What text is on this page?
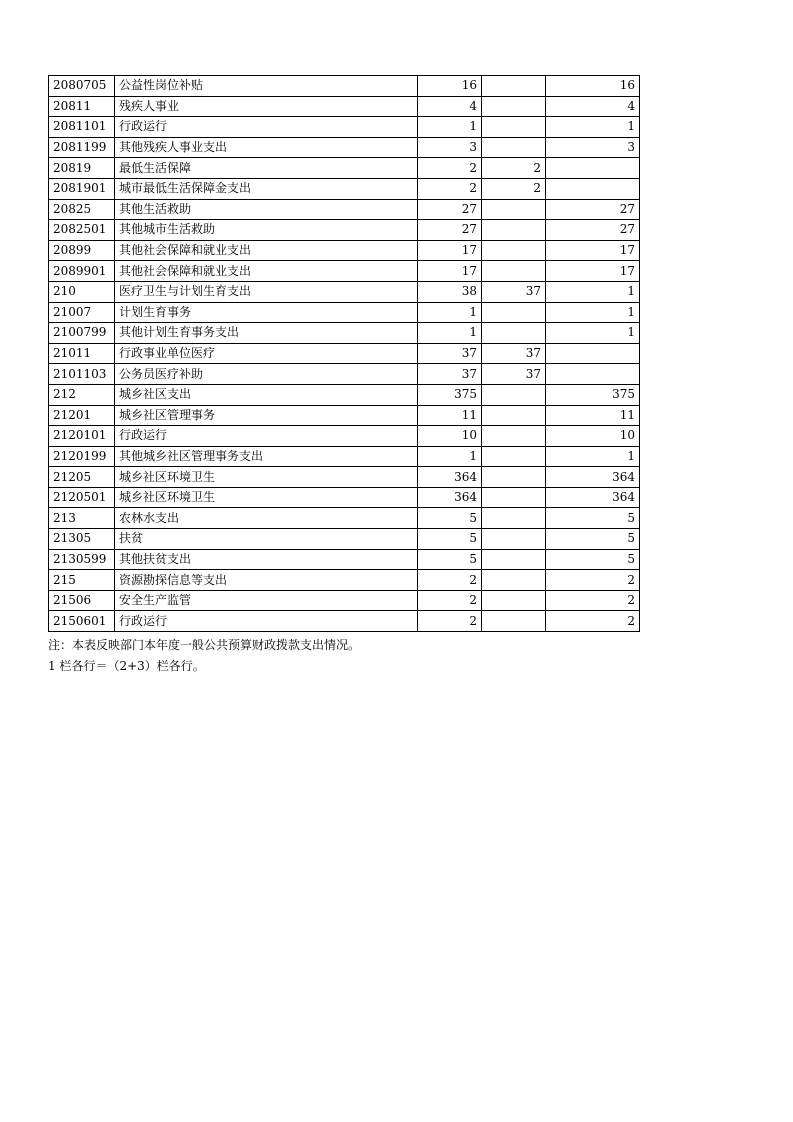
2080705	公益性岗位补贴	16		16
20811	残疾人事业	4		4
2081101	行政运行	1		1
2081199	其他残疾人事业支出	3		3
20819	最低生活保障	2	2	
2081901	城市最低生活保障金支出	2	2	
20825	其他生活救助	27		27
2082501	其他城市生活救助	27		27
20899	其他社会保障和就业支出	17		17
2089901	其他社会保障和就业支出	17		17
210	医疗卫生与计划生育支出	38	37	1
21007	计划生育事务	1		1
2100799	其他计划生育事务支出	1		1
21011	行政事业单位医疗	37	37	
2101103	公务员医疗补助	37	37	
212	城乡社区支出	375		375
21201	城乡社区管理事务	11		11
2120101	行政运行	10		10
2120199	其他城乡社区管理事务支出	1		1
21205	城乡社区环境卫生	364		364
2120501	城乡社区环境卫生	364		364
213	农林水支出	5		5
21305	扶贫	5		5
2130599	其他扶贫支出	5		5
215	资源勘探信息等支出	2		2
21506	安全生产监管	2		2
2150601	行政运行	2		2
注：本表反映部门本年度一般公共预算财政拨款支出情况。
1 栏各行＝（2+3）栏各行。
